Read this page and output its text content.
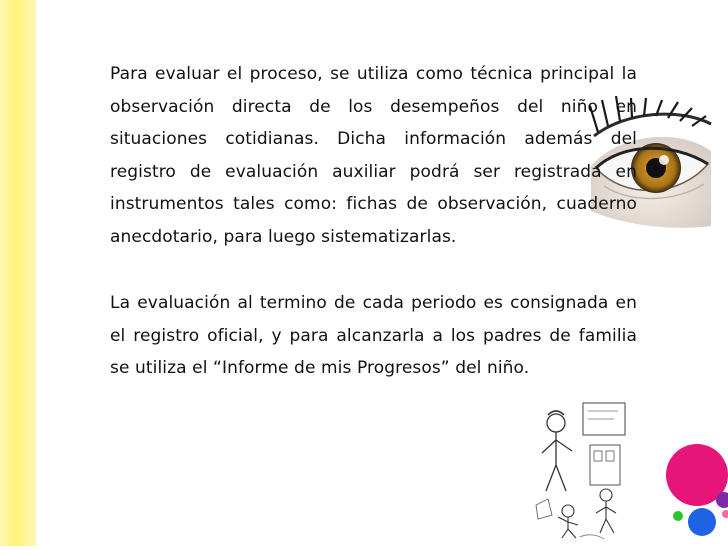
Para evaluar el proceso, se utiliza como técnica principal la observación directa de los desempeños del niño en situaciones cotidianas. Dicha información además del registro de evaluación auxiliar podrá ser registrada en instrumentos tales como: fichas de observación, cuaderno anecdotario, para luego sistematizarlas.

La evaluación al termino de cada periodo es consignada en el registro oficial, y para alcanzarla a los padres de familia se utiliza el “Informe de mis Progresos” del niño.
